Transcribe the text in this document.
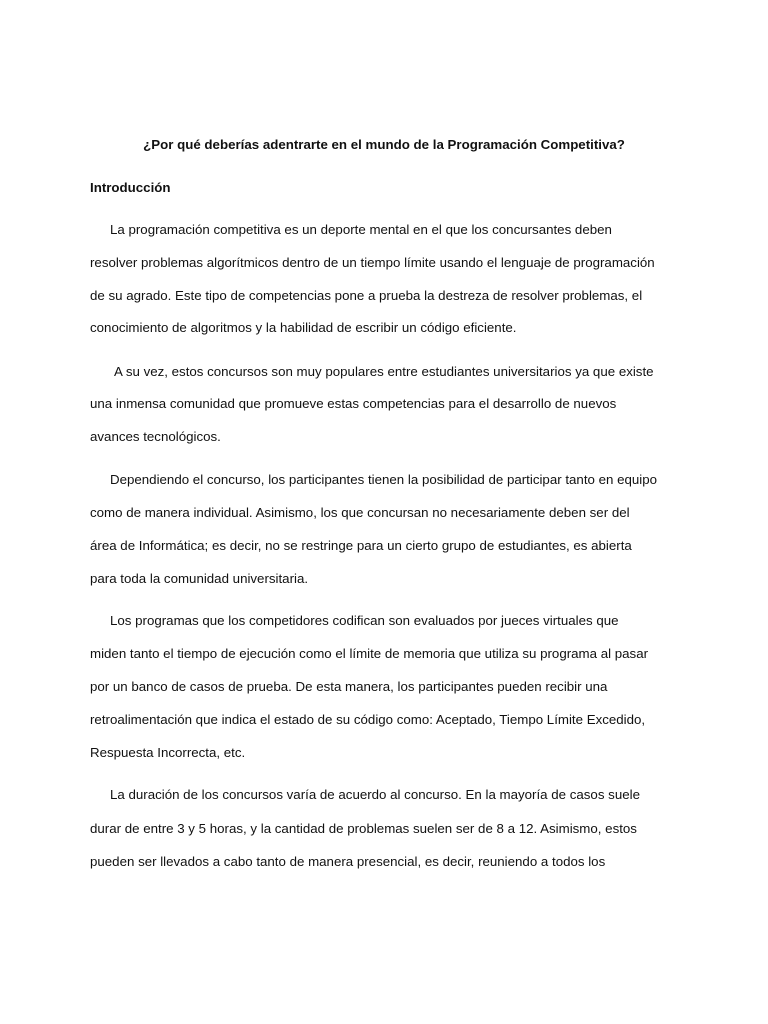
¿Por qué deberías adentrarte en el mundo de la Programación Competitiva?
Introducción
La programación competitiva es un deporte mental en el que los concursantes deben
resolver problemas algorítmicos dentro de un tiempo límite usando el lenguaje de programación
de su agrado. Este tipo de competencias pone a prueba la destreza de resolver problemas, el
conocimiento de algoritmos y la habilidad de escribir un código eficiente.
A su vez, estos concursos son muy populares entre estudiantes universitarios ya que existe
una inmensa comunidad que promueve estas competencias para el desarrollo de nuevos
avances tecnológicos.
Dependiendo el concurso, los participantes tienen la posibilidad de participar tanto en equipo
como de manera individual. Asimismo, los que concursan no necesariamente deben ser del
área de Informática; es decir, no se restringe para un cierto grupo de estudiantes, es abierta
para toda la comunidad universitaria.
Los programas que los competidores codifican son evaluados por jueces virtuales que
miden tanto el tiempo de ejecución como el límite de memoria que utiliza su programa al pasar
por un banco de casos de prueba. De esta manera, los participantes pueden recibir una
retroalimentación que indica el estado de su código como: Aceptado, Tiempo Límite Excedido,
Respuesta Incorrecta, etc.
La duración de los concursos varía de acuerdo al concurso. En la mayoría de casos suele
durar de entre 3 y 5 horas, y la cantidad de problemas suelen ser de 8 a 12. Asimismo, estos
pueden ser llevados a cabo tanto de manera presencial, es decir, reuniendo a todos los
